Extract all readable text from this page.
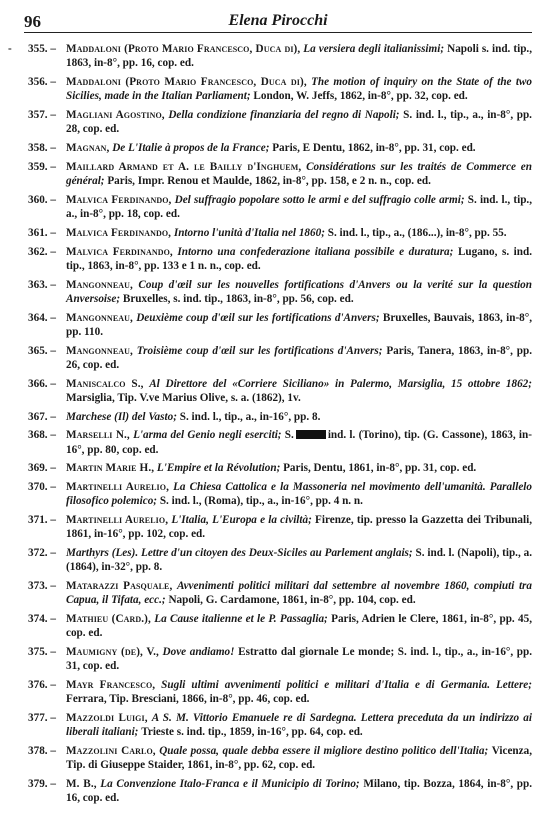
96	Elena Pirocchi
- 355. – Maddaloni (Proto Mario Francesco, Duca di), La versiera degli italianissimi; Napoli s. ind. tip., 1863, in-8°, pp. 16, cop. ed.
356. – Maddaloni (Proto Mario Francesco, Duca di), The motion of inquiry on the State of the two Sicilies, made in the Italian Parliament; London, W. Jeffs, 1862, in-8°, pp. 32, cop. ed.
357. – Magliani Agostino, Della condizione finanziaria del regno di Napoli; S. ind. l., tip., a., in-8°, pp. 28, cop. ed.
358. – Magnan, De L'Italie à propos de la France; Paris, E Dentu, 1862, in-8°, pp. 31, cop. ed.
359. – Maillard Armand et A. le Bailly d'Inghuem, Considérations sur les traités de Commerce en général; Paris, Impr. Renou et Maulde, 1862, in-8°, pp. 158, e 2 n. n., cop. ed.
360. – Malvica Ferdinando, Del suffragio popolare sotto le armi e del suffragio colle armi; S. ind. l., tip., a., in-8°, pp. 18, cop. ed.
361. – Malvica Ferdinando, Intorno l'unità d'Italia nel 1860; S. ind. l., tip., a., (186...), in-8°, pp. 55.
362. – Malvica Ferdinando, Intorno una confederazione italiana possibile e duratura; Lugano, s. ind. tip., 1863, in-8°, pp. 133 e 1 n. n., cop. ed.
363. – Mangonneau, Coup d'œil sur les nouvelles fortifications d'Anvers ou la verité sur la question Anversoise; Bruxelles, s. ind. tip., 1863, in-8°, pp. 56, cop. ed.
364. – Mangonneau, Deuxième coup d'œil sur les fortifications d'Anvers; Bruxelles, Bauvais, 1863, in-8°, pp. 110.
365. – Mangonneau, Troisième coup d'œil sur les fortifications d'Anvers; Paris, Tanera, 1863, in-8°, pp. 26, cop. ed.
366. – Maniscalco S., Al Direttore del «Corriere Siciliano» in Palermo, Marsiglia, 15 ottobre 1862; Marsiglia, Tip. V.ve Marius Olive, s. a. (1862), 1v.
367. – Marchese (Il) del Vasto; S. ind. l., tip., a., in-16°, pp. 8.
368. – Marselli N., L'arma del Genio negli eserciti; S.	ind. l. (Torino), tip. (G. Cassone), 1863, in-16°, pp. 80, cop. ed.
369. – Martin Marie H., L'Empire et la Révolution; Paris, Dentu, 1861, in-8°, pp. 31, cop. ed.
370. – Martinelli Aurelio, La Chiesa Cattolica e la Massoneria nel movimento dell'umanità. Parallelo filosofico polemico; S. ind. l., (Roma), tip., a., in-16°, pp. 4 n. n.
371. – Martinelli Aurelio, L'Italia, L'Europa e la civiltà; Firenze, tip. presso la Gazzetta dei Tribunali, 1861, in-16°, pp. 102, cop. ed.
372. – Marthyrs (Les). Lettre d'un citoyen des Deux-Siciles au Parlement anglais; S. ind. l. (Napoli), tip., a. (1864), in-32°, pp. 8.
373. – Matarazzi Pasquale, Avvenimenti politici militari dal settembre al novembre 1860, compiuti tra Capua, il Tifata, ecc.; Napoli, G. Cardamone, 1861, in-8°, pp. 104, cop. ed.
374. – Mathieu (Card.), La Cause italienne et le P. Passaglia; Paris, Adrien le Clere, 1861, in-8°, pp. 45, cop. ed.
375. – Maumigny (de), V., Dove andiamo! Estratto dal giornale Le monde; S. ind. l., tip., a., in-16°, pp. 31, cop. ed.
376. – Mayr Francesco, Sugli ultimi avvenimenti politici e militari d'Italia e di Germania. Lettere; Ferrara, Tip. Bresciani, 1866, in-8°, pp. 46, cop. ed.
377. – Mazzoldi Luigi, A S. M. Vittorio Emanuele re di Sardegna. Lettera preceduta da un indirizzo ai liberali italiani; Trieste s. ind. tip., 1859, in-16°, pp. 64, cop. ed.
378. – Mazzolini Carlo, Quale possa, quale debba essere il migliore destino politico dell'Italia; Vicenza, Tip. di Giuseppe Staider, 1861, in-8°, pp. 62, cop. ed.
379. – M. B., La Convenzione Italo-Franca e il Municipio di Torino; Milano, tip. Bozza, 1864, in-8°, pp. 16, cop. ed.
